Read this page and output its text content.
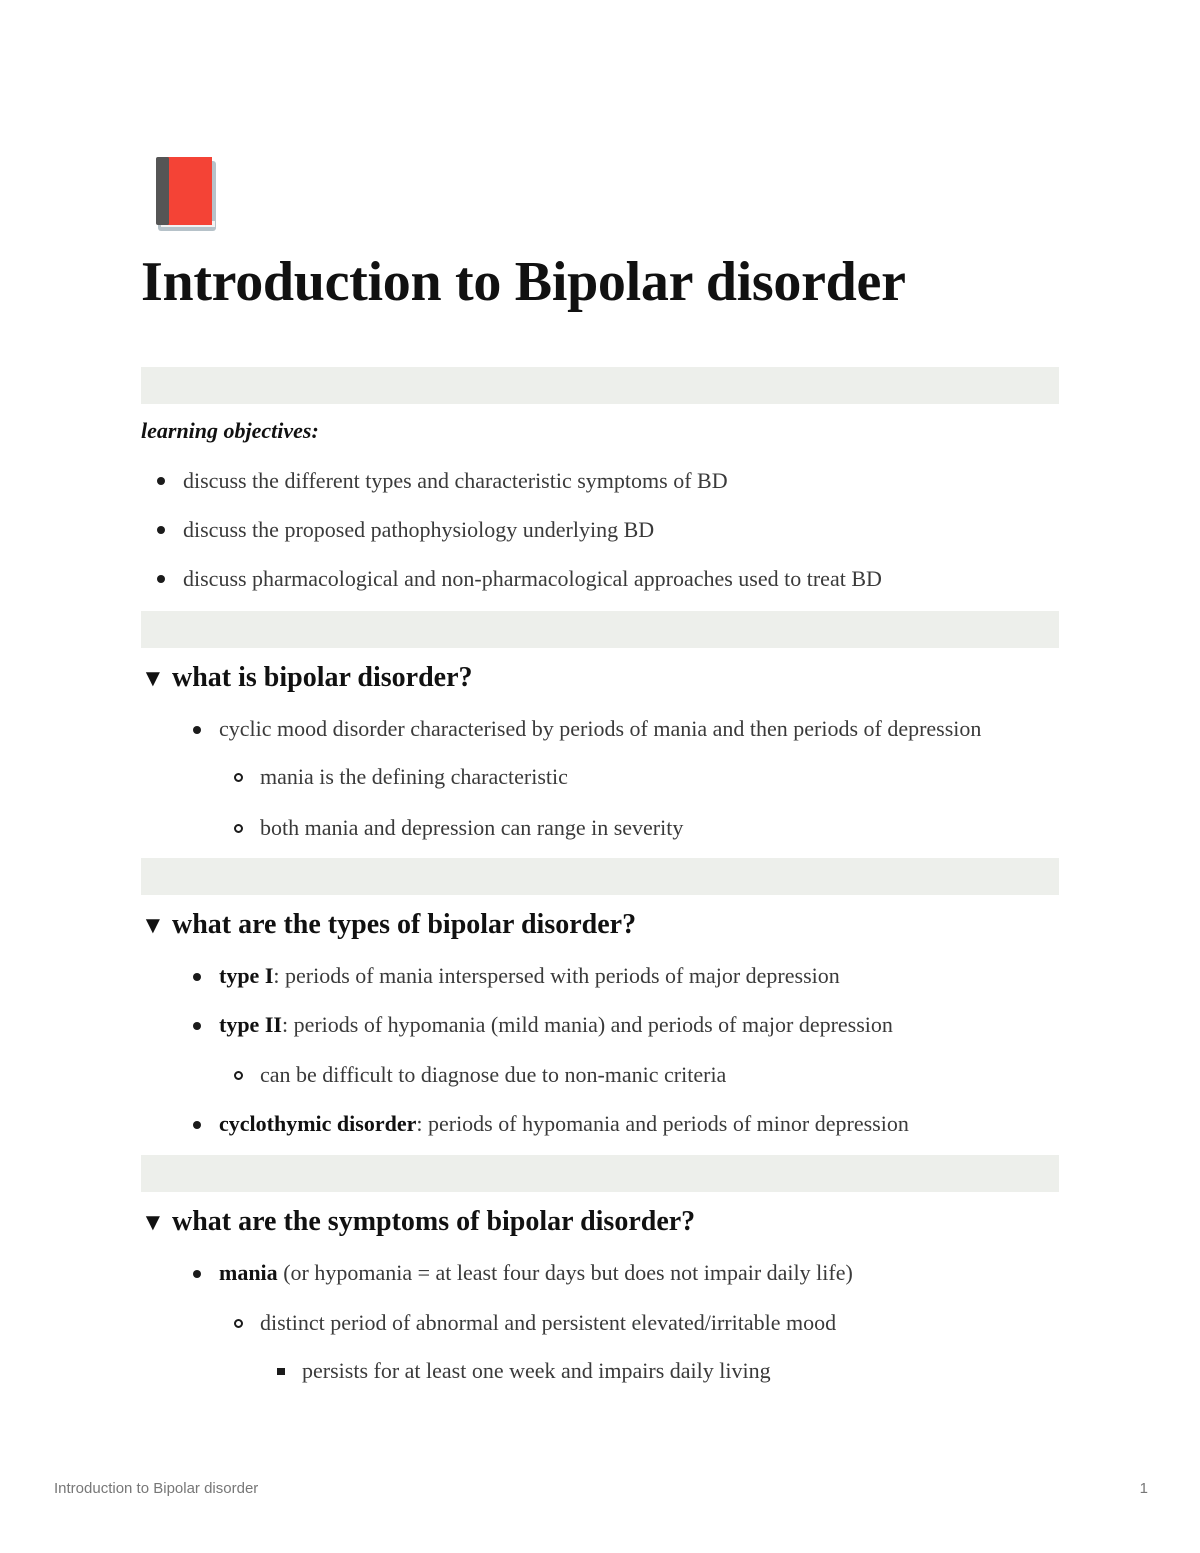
Introduction to Bipolar disorder
learning objectives:
discuss the different types and characteristic symptoms of BD
discuss the proposed pathophysiology underlying BD
discuss pharmacological and non-pharmacological approaches used to treat BD
▼ what is bipolar disorder?
cyclic mood disorder characterised by periods of mania and then periods of depression
mania is the defining characteristic
both mania and depression can range in severity
▼ what are the types of bipolar disorder?
type I: periods of mania interspersed with periods of major depression
type II: periods of hypomania (mild mania) and periods of major depression
can be difficult to diagnose due to non-manic criteria
cyclothymic disorder: periods of hypomania and periods of minor depression
▼ what are the symptoms of bipolar disorder?
mania (or hypomania = at least four days but does not impair daily life)
distinct period of abnormal and persistent elevated/irritable mood
persists for at least one week and impairs daily living
Introduction to Bipolar disorder	1
